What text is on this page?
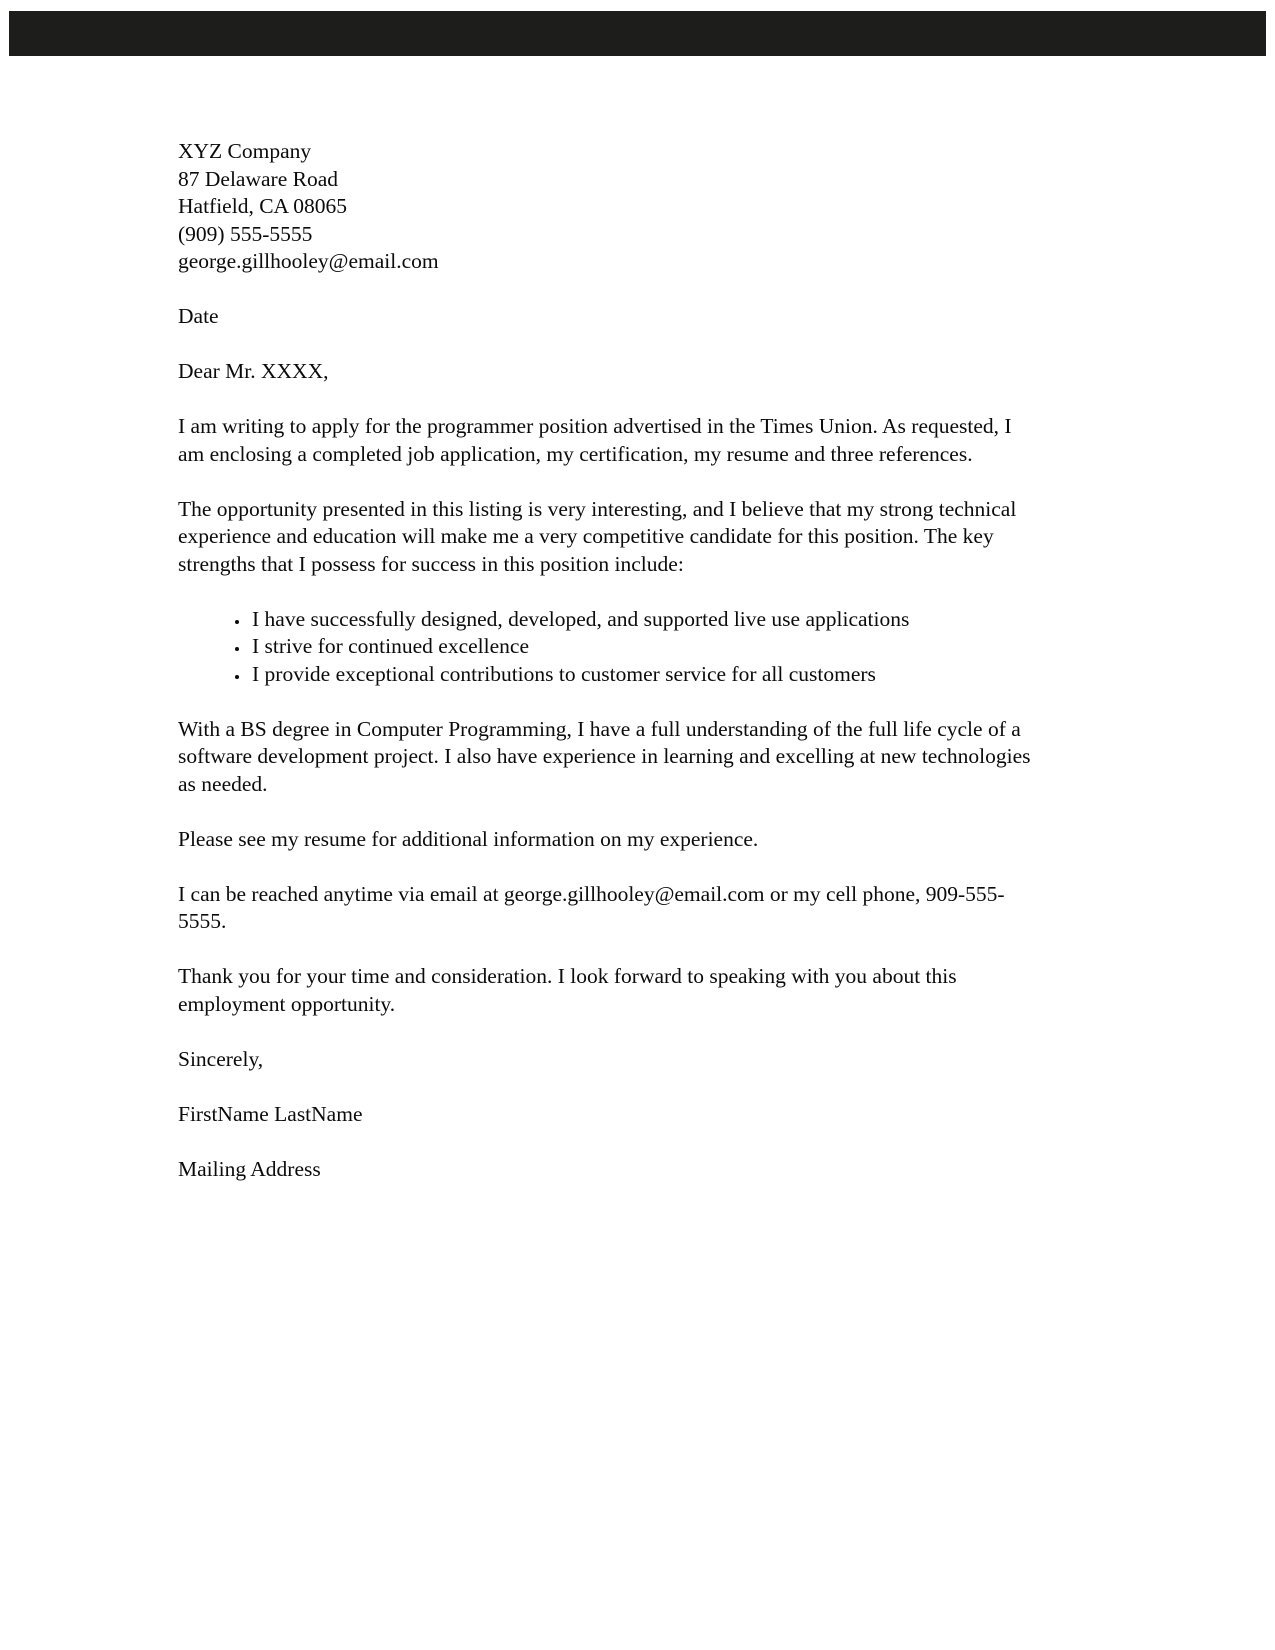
XYZ Company

87 Delaware Road

Hatfield, CA 08065

(909) 555-5555

george.gillhooley@email.com

Date

Dear Mr. XXXX,

I am writing to apply for the programmer position advertised in the Times Union. As requested, I am enclosing a completed job application, my certification, my resume and three references.

The opportunity presented in this listing is very interesting, and I believe that my strong technical experience and education will make me a very competitive candidate for this position. The key strengths that I possess for success in this position include:

• I have successfully designed, developed, and supported live use applications
• I strive for continued excellence
• I provide exceptional contributions to customer service for all customers

With a BS degree in Computer Programming, I have a full understanding of the full life cycle of a software development project. I also have experience in learning and excelling at new technologies as needed.

Please see my resume for additional information on my experience.

I can be reached anytime via email at george.gillhooley@email.com or my cell phone, 909-555-5555.

Thank you for your time and consideration. I look forward to speaking with you about this employment opportunity.

Sincerely,

FirstName LastName

Mailing Address
